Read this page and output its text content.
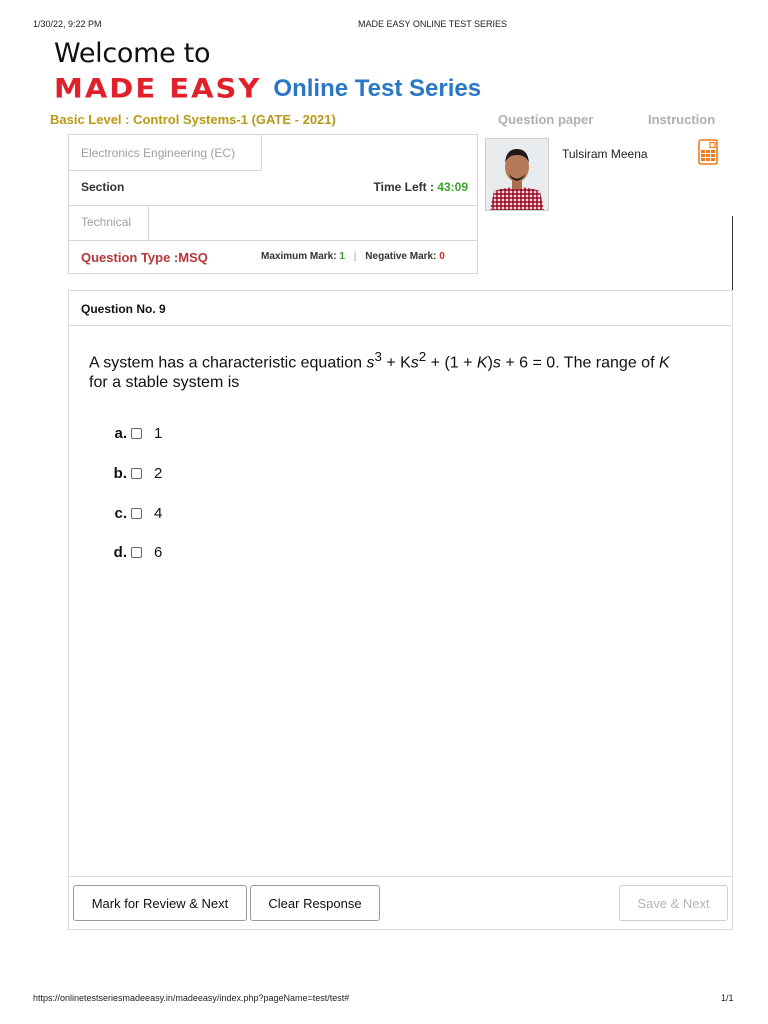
1/30/22, 9:22 PM	MADE EASY ONLINE TEST SERIES
Welcome to
MADE EASY Online Test Series
Basic Level : Control Systems-1 (GATE - 2021)	Question paper	Instruction
Electronics Engineering (EC)
Section	Time Left : 43:09
Technical
Question Type :MSQ	Maximum Mark: 1 | Negative Mark: 0
Tulsiram Meena
Question No. 9
A system has a characteristic equation $s^3 + Ks^2 + (1 + K)s + 6 = 0$. The range of K
for a stable system is
a. 1
b. 2
c. 4
d. 6
Mark for Review & Next	Clear Response	Save & Next
https://onlinetestseriesmadeeasy.in/madeeasy/index.php?pageName=test/test#	1/1
